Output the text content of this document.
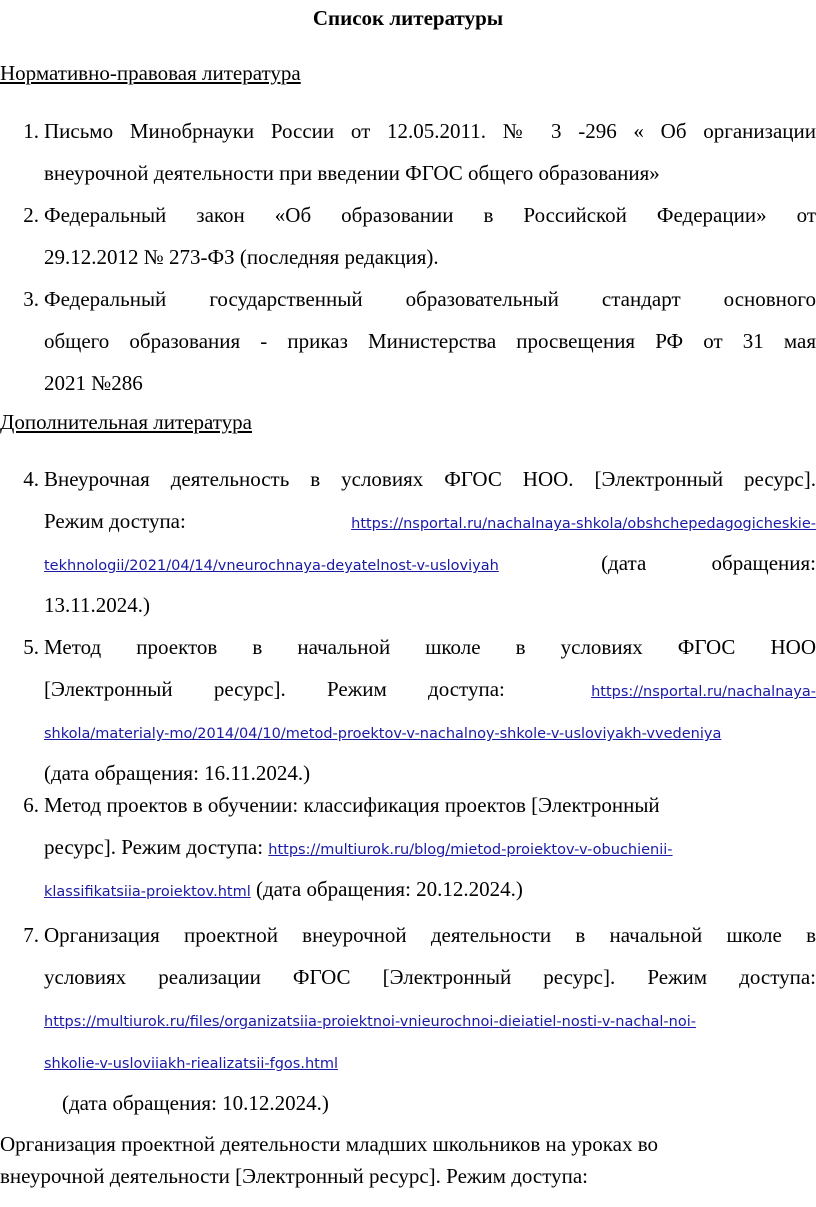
Список литературы
Нормативно-правовая литература
1. Письмо Минобрнауки России от 12.05.2011. № 3 -296 « Об организации
внеурочной деятельности при введении ФГОС общего образования»
2. Федеральный закон «Об образовании в Российской Федерации» от
29.12.2012 № 273-ФЗ (последняя редакция).
3. Федеральный государственный образовательный стандарт основного
общего образования - приказ Министерства просвещения РФ от 31 мая
2021 №286
Дополнительная литература
4. Внеурочная деятельность в условиях ФГОС НОО. [Электронный ресурс].
Режим доступа:	https://nsportal.ru/nachalnaya-shkola/obshchepedagogicheskie-
tekhnologii/2021/04/14/vneurochnaya-deyatelnost-v-usloviyah	(дата обращения:
13.11.2024.)
5. Метод проектов в начальной школе в условиях ФГОС НОО
[Электронный ресурс]. Режим доступа:	https://nsportal.ru/nachalnaya-
shkola/materialy-mo/2014/04/10/metod-proektov-v-nachalnoy-shkole-v-usloviyakh-vvedeniya
(дата обращения: 16.11.2024.)
6. Метод проектов в обучении: классификация проектов [Электронный
ресурс]. Режим доступа: https://multiurok.ru/blog/mietod-proiektov-v-obuchienii-
klassifikatsiia-proiektov.html (дата обращения: 20.12.2024.)
7. Организация проектной внеурочной деятельности в начальной школе в
условиях реализации ФГОС [Электронный ресурс]. Режим доступа:
https://multiurok.ru/files/organizatsiia-proiektnoi-vnieurochnoi-dieiatiel-nosti-v-nachal-noi-
shkolie-v-usloviiakh-riealizatsii-fgos.html
(дата обращения: 10.12.2024.)
Организация проектной деятельности младших школьников на уроках во
внеурочной деятельности [Электронный ресурс]. Режим доступа:
